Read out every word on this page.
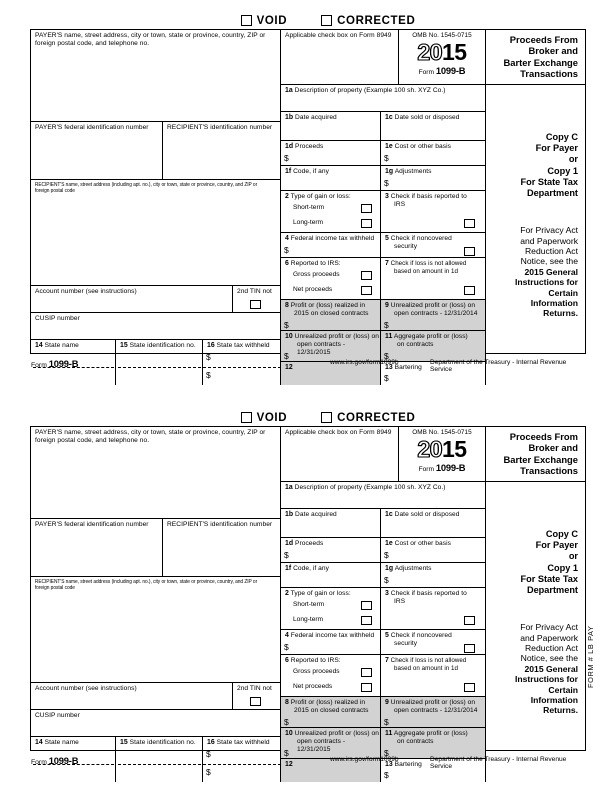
VOID	CORRECTED
PAYER'S name, street address, city or town, state or province, country, ZIP or foreign postal code, and telephone no.
PAYER'S federal identification number	RECIPIENT'S identification number
RECIPIENT'S name, street address (including apt. no.), city or town, state or province, country, and ZIP or foreign postal code
Account number (see instructions)	2nd TIN not
CUSIP number
14 State name	15 State identification no.	16 State tax withheld
$
$
Applicable check box on Form 8949	OMB No. 1545-0715
2015
Form 1099-B
1a Description of property (Example 100 sh. XYZ Co.)
1b Date acquired	1c Date sold or disposed
1d Proceeds
$
1e Cost or other basis
$
1f Code, if any	1g Adjustments
$
2 Type of gain or loss:
Short-term
Long-term
3 Check if basis reported to
IRS
4 Federal income tax withheld
$
5 Check if noncovered
security
6 Reported to IRS:
Gross proceeds
Net proceeds
7 Check if loss is not allowed
based on amount in 1d
8 Profit or (loss) realized in
2015 on closed contracts
$
9 Unrealized profit or (loss) on
open contracts - 12/31/2014
$
10 Unrealized profit or (loss) on
open contracts - 12/31/2015
$
11 Aggregate profit or (loss)
on contracts
$
12	13 Bartering
$
Proceeds From
Broker and
Barter Exchange
Transactions
Copy C
For Payer
or
Copy 1
For State Tax
Department
For Privacy Act
and Paperwork
Reduction Act
Notice, see the
2015 General
Instructions for
Certain
Information
Returns.
Form 1099-B	www.irs.gov/form1099b	Department of the Treasury - Internal Revenue Service
VOID	CORRECTED
PAYER'S name, street address, city or town, state or province, country, ZIP or foreign postal code, and telephone no.
PAYER'S federal identification number	RECIPIENT'S identification number
RECIPIENT'S name, street address (including apt. no.), city or town, state or province, country, and ZIP or foreign postal code
Account number (see instructions)	2nd TIN not
CUSIP number
14 State name	15 State identification no.	16 State tax withheld
$
$
Applicable check box on Form 8949	OMB No. 1545-0715
2015
Form 1099-B
1a Description of property (Example 100 sh. XYZ Co.)
1b Date acquired	1c Date sold or disposed
1d Proceeds
$
1e Cost or other basis
$
1f Code, if any	1g Adjustments
$
2 Type of gain or loss:
Short-term
Long-term
3 Check if basis reported to
IRS
4 Federal income tax withheld
$
5 Check if noncovered
security
6 Reported to IRS:
Gross proceeds
Net proceeds
7 Check if loss is not allowed
based on amount in 1d
8 Profit or (loss) realized in
2015 on closed contracts
$
9 Unrealized profit or (loss) on
open contracts - 12/31/2014
$
10 Unrealized profit or (loss) on
open contracts - 12/31/2015
$
11 Aggregate profit or (loss)
on contracts
$
12	13 Bartering
$
Proceeds From
Broker and
Barter Exchange
Transactions
Copy C
For Payer
or
Copy 1
For State Tax
Department
For Privacy Act
and Paperwork
Reduction Act
Notice, see the
2015 General
Instructions for
Certain
Information
Returns.
Form 1099-B	www.irs.gov/form1099b	Department of the Treasury - Internal Revenue Service
FORM # LB PAY
